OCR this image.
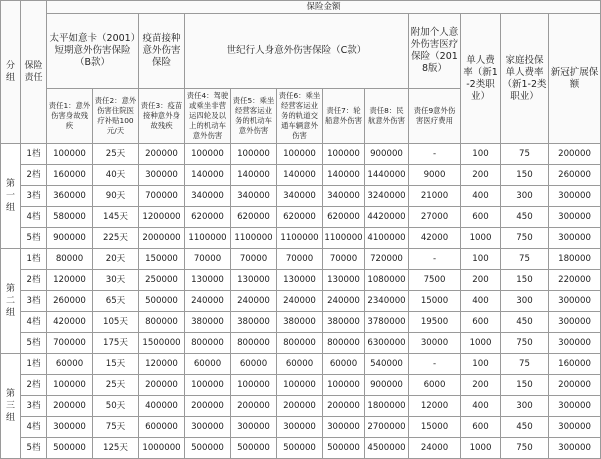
分组	保险责任	保险金额											
		太平如意卡（2001）短期意外伤害保险（B款）		疫苗接种意外伤害保险	世纪行人身意外伤害保险（C款）					附加个人意外伤害医疗保险（2018版）	单人费率（新1-2类职业）	家庭投保单人费率（新1-2类职业）	新冠扩展保额
		责任1：意外伤害身故残疾	责任2：意外伤害住院医疗补贴100元/天	责任3：疫苗接种意外身故残疾	责任4：驾驶或乘坐非营运四轮及以上的机动车意外伤害	责任5：乘坐经营客运业务的机动车意外伤害	责任6：乘坐经营客运业务的轨道交通车辆意外伤害	责任7：轮船意外伤害	责任8：民航意外伤害	责任9意外伤害医疗费用			
第一组	1档	100000	25天	200000	100000	100000	100000	100000	900000	-	100	75	200000
	2档	160000	40天	300000	140000	140000	140000	140000	1440000	9000	200	150	260000
	3档	360000	90天	700000	340000	340000	340000	340000	3240000	21000	400	300	300000
	4档	580000	145天	1200000	620000	620000	620000	620000	4420000	27000	600	450	300000
	5档	900000	225天	2000000	1100000	1100000	1100000	1100000	4100000	42000	1000	750	300000
第二组	1档	80000	20天	150000	70000	70000	70000	70000	720000	-	100	75	180000
	2档	120000	30天	250000	130000	130000	130000	130000	1080000	7500	200	150	220000
	3档	260000	65天	500000	240000	240000	240000	240000	2340000	15000	400	300	300000
	4档	420000	105天	800000	380000	380000	380000	380000	3780000	19500	600	450	300000
	5档	700000	175天	1500000	800000	800000	800000	800000	6300000	30000	1000	750	300000
第三组	1档	60000	15天	120000	60000	60000	60000	60000	540000	-	100	75	160000
	2档	100000	25天	200000	100000	100000	100000	100000	900000	6000	200	150	200000
	3档	200000	50天	400000	200000	200000	200000	200000	1800000	12000	400	300	300000
	4档	300000	75天	600000	300000	300000	300000	300000	2700000	15000	600	450	300000
	5档	500000	125天	1000000	500000	500000	500000	500000	4500000	24000	1000	750	300000
